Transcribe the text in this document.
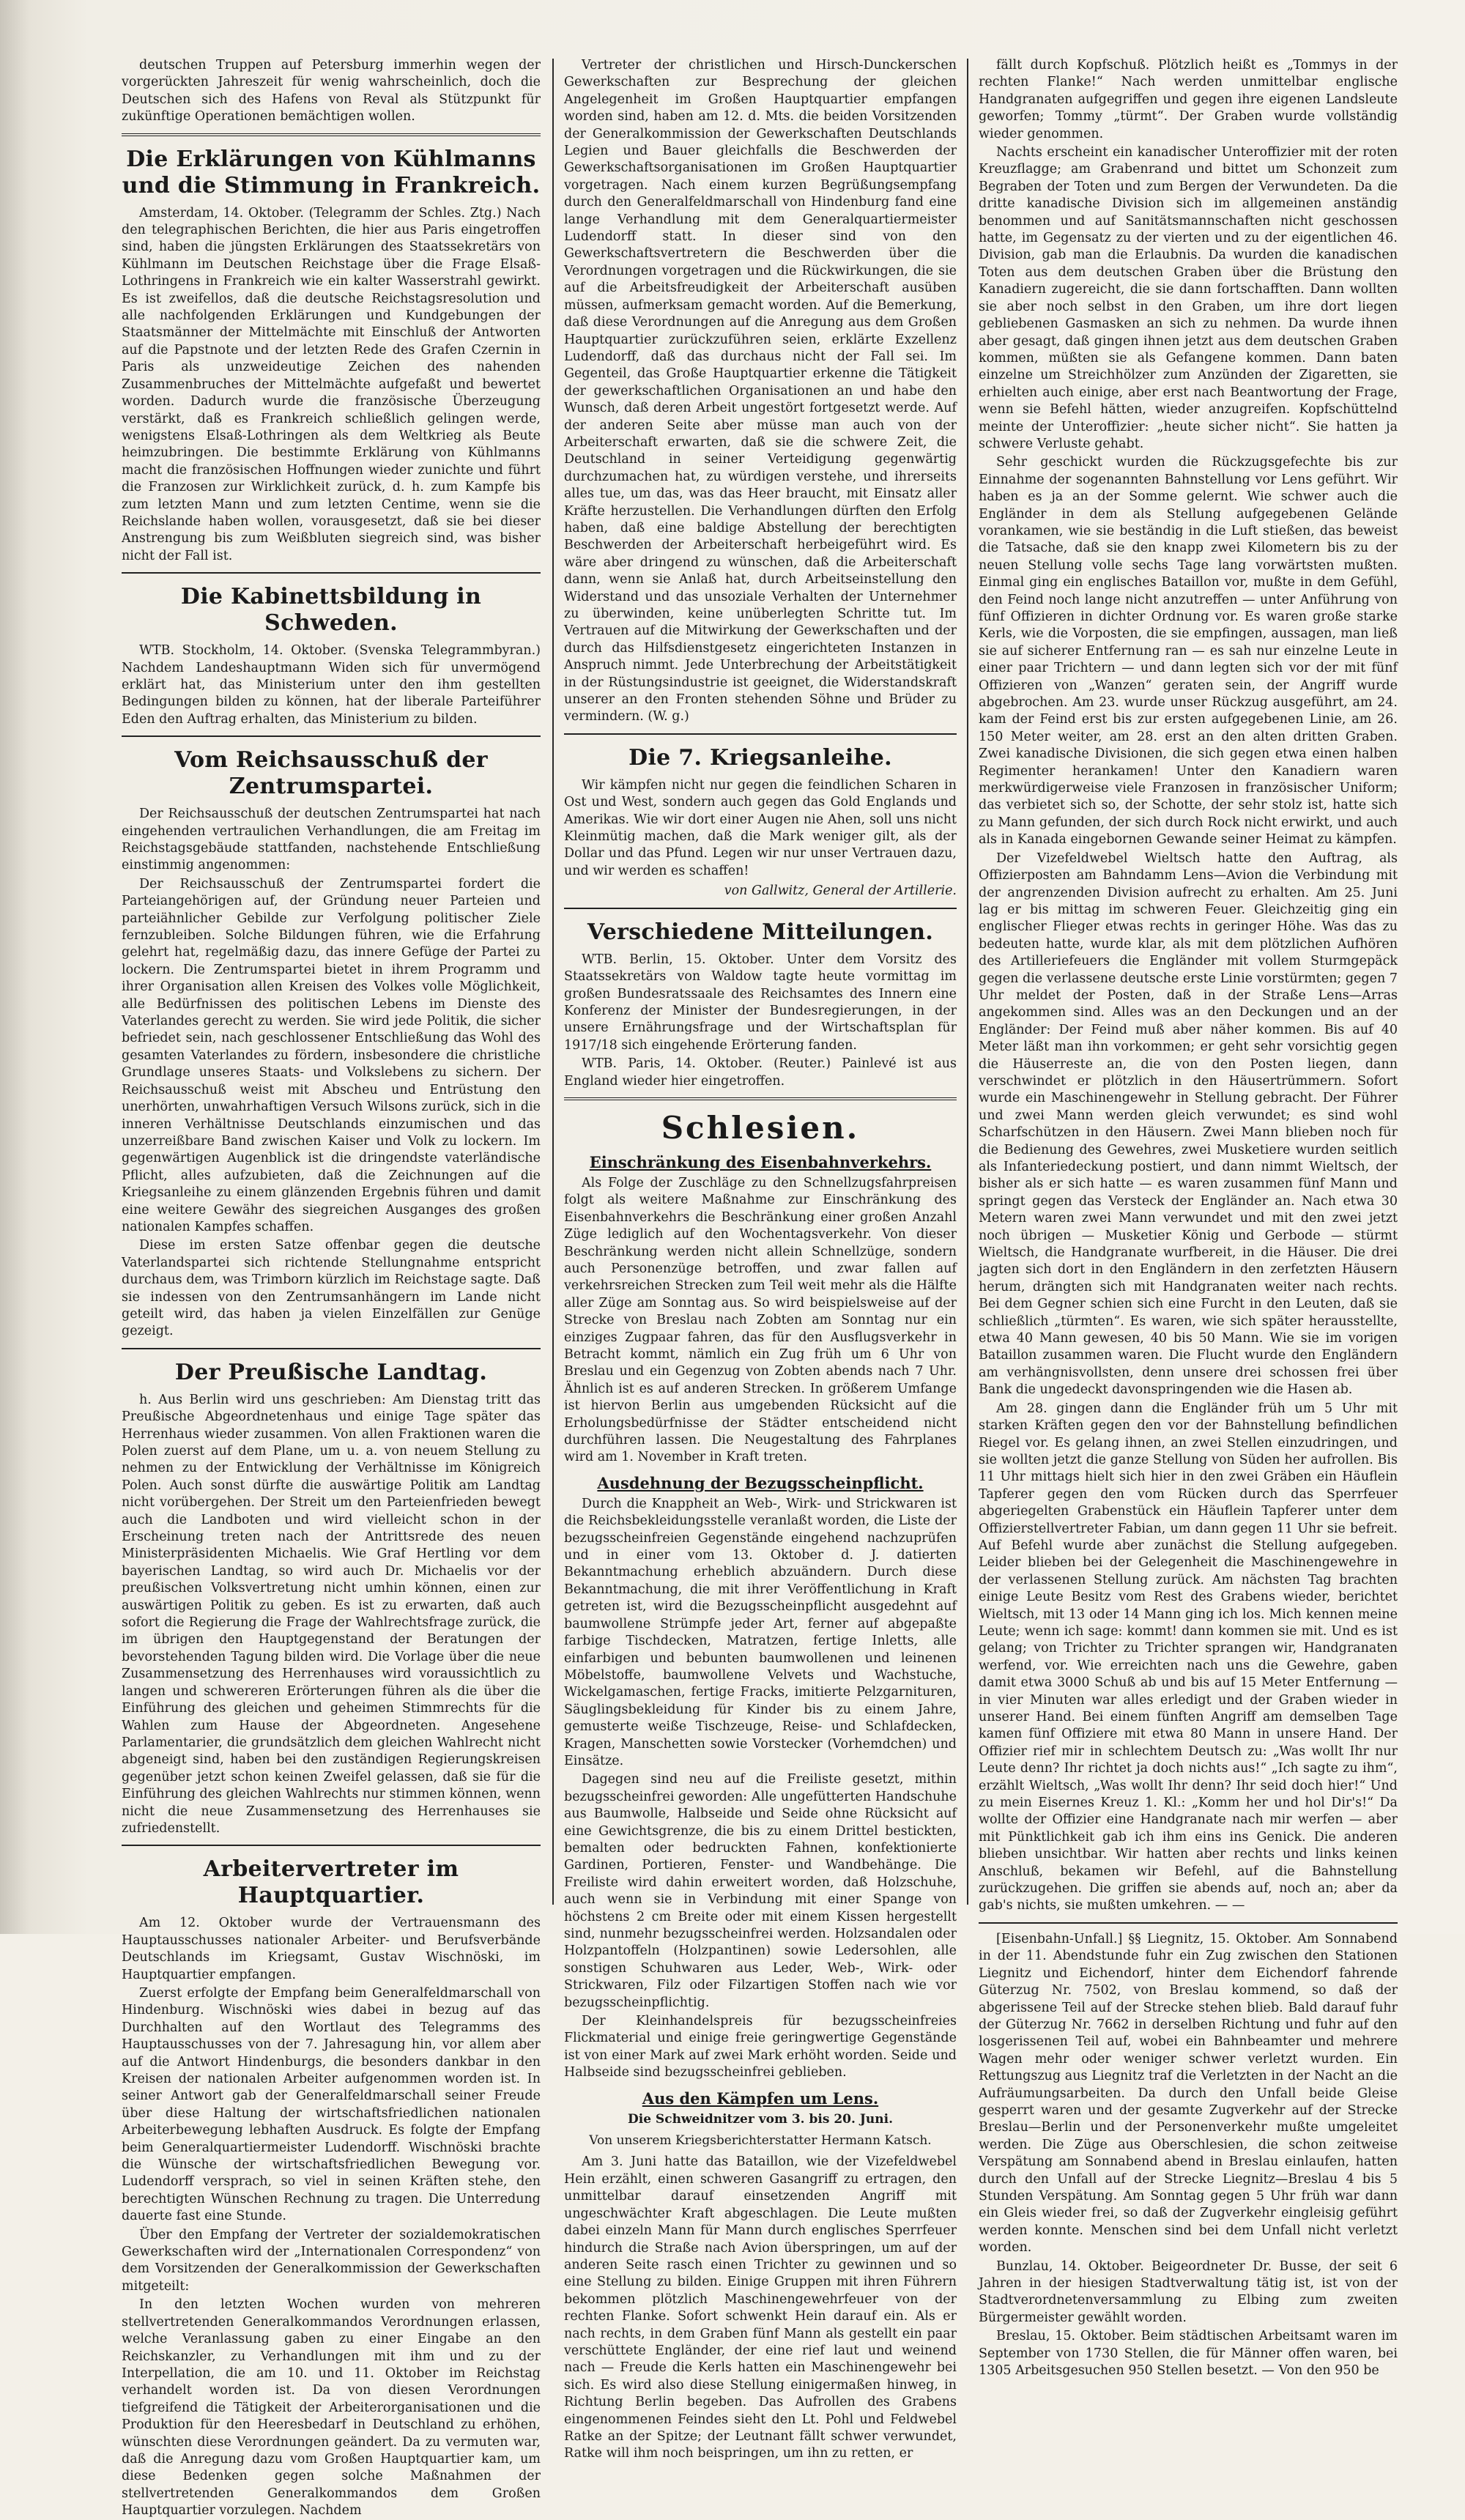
deutschen Truppen auf Petersburg immerhin wegen der vorgerückten Jahreszeit für wenig wahrscheinlich, doch die Deutschen sich des Hafens von Reval als Stützpunkt für zukünftige Operationen bemächtigen wollen.

Die Erklärungen von Kühlmanns und die Stimmung in Frankreich.

Amsterdam, 14. Oktober. (Telegramm der Schles. Ztg.) Nach den telegraphischen Berichten, die hier aus Paris eingetroffen sind, haben die jüngsten Erklärungen des Staatssekretärs von Kühlmann im Deutschen Reichstage über die Frage Elsaß-Lothringens in Frankreich wie ein kalter Wasserstrahl gewirkt. Es ist zweifellos, daß die deutsche Reichstagsresolution und alle nachfolgenden Erklärungen und Kundgebungen der Staatsmänner der Mittelmächte mit Einschluß der Antworten auf die Papstnote und der letzten Rede des Grafen Czernin in Paris als unzweideutige Zeichen des nahenden Zusammenbruches der Mittelmächte aufgefaßt und bewertet worden. Dadurch wurde die französische Überzeugung verstärkt, daß es Frankreich schließlich gelingen werde, wenigstens Elsaß-Lothringen als dem Weltkrieg als Beute heimzubringen. Die bestimmte Erklärung von Kühlmanns macht die französischen Hoffnungen wieder zunichte und führt die Franzosen zur Wirklichkeit zurück, d. h. zum Kampfe bis zum letzten Mann und zum letzten Centime, wenn sie die Reichslande haben wollen, vorausgesetzt, daß sie bei dieser Anstrengung bis zum Weißbluten siegreich sind, was bisher nicht der Fall ist.

Die Kabinettsbildung in Schweden.

WTB. Stockholm, 14. Oktober. (Svenska Telegrammbyran.) Nachdem Landeshauptmann Widen sich für unvermögend erklärt hat, das Ministerium unter den ihm gestellten Bedingungen bilden zu können, hat der liberale Parteiführer Eden den Auftrag erhalten, das Ministerium zu bilden.

Vom Reichsausschuß der Zentrumspartei.

Der Reichsausschuß der deutschen Zentrumspartei hat nach eingehenden vertraulichen Verhandlungen, die am Freitag im Reichstagsgebäude stattfanden, nachstehende Entschließung einstimmig angenommen:

Der Reichsausschuß der Zentrumspartei fordert die Parteiangehörigen auf, der Gründung neuer Parteien und parteiähnlicher Gebilde zur Verfolgung politischer Ziele fernzubleiben. Solche Bildungen führen, wie die Erfahrung gelehrt hat, regelmäßig dazu, das innere Gefüge der Partei zu lockern. Die Zentrumspartei bietet in ihrem Programm und ihrer Organisation allen Kreisen des Volkes volle Möglichkeit, alle Bedürfnissen des politischen Lebens im Dienste des Vaterlandes gerecht zu werden. Sie wird jede Politik, die sicher befriedet sein, nach geschlossener Entschließung das Wohl des gesamten Vaterlandes zu fördern, insbesondere die christliche Grundlage unseres Staats- und Volkslebens zu sichern. Der Reichsausschuß weist mit Abscheu und Entrüstung den unerhörten, unwahrhaftigen Versuch Wilsons zurück, sich in die inneren Verhältnisse Deutschlands einzumischen und das unzerreißbare Band zwischen Kaiser und Volk zu lockern. Im gegenwärtigen Augenblick ist die dringendste vaterländische Pflicht, alles aufzubieten, daß die Zeichnungen auf die Kriegsanleihe zu einem glänzenden Ergebnis führen und damit eine weitere Gewähr des siegreichen Ausganges des großen nationalen Kampfes schaffen.

Diese im ersten Satze offenbar gegen die deutsche Vaterlandspartei sich richtende Stellungnahme entspricht durchaus dem, was Trimborn kürzlich im Reichstage sagte. Daß sie indessen von den Zentrumsanhängern im Lande nicht geteilt wird, das haben ja vielen Einzelfällen zur Genüge gezeigt.

Der Preußische Landtag.

h. Aus Berlin wird uns geschrieben: Am Dienstag tritt das Preußische Abgeordnetenhaus und einige Tage später das Herrenhaus wieder zusammen. Von allen Fraktionen waren die Polen zuerst auf dem Plane, um u. a. von neuem Stellung zu nehmen zu der Entwicklung der Verhältnisse im Königreich Polen. Auch sonst dürfte die auswärtige Politik am Landtag nicht vorübergehen. Der Streit um den Parteienfrieden bewegt auch die Landboten und wird vielleicht schon in der Erscheinung treten nach der Antrittsrede des neuen Ministerpräsidenten Michaelis. Wie Graf Hertling vor dem bayerischen Landtag, so wird auch Dr. Michaelis vor der preußischen Volksvertretung nicht umhin können, einen zur auswärtigen Politik zu geben. Es ist zu erwarten, daß auch sofort die Regierung die Frage der Wahlrechtsfrage zurück, die im übrigen den Hauptgegenstand der Beratungen der bevorstehenden Tagung bilden wird. Die Vorlage über die neue Zusammensetzung des Herrenhauses wird voraussichtlich zu langen und schwereren Erörterungen führen als die über die Einführung des gleichen und geheimen Stimmrechts für die Wahlen zum Hause der Abgeordneten. Angesehene Parlamentarier, die grundsätzlich dem gleichen Wahlrecht nicht abgeneigt sind, haben bei den zuständigen Regierungskreisen gegenüber jetzt schon keinen Zweifel gelassen, daß sie für die Einführung des gleichen Wahlrechts nur stimmen können, wenn nicht die neue Zusammensetzung des Herrenhauses sie zufriedenstellt.

Arbeitervertreter im Hauptquartier.

Am 12. Oktober wurde der Vertrauensmann des Hauptausschusses nationaler Arbeiter- und Berufsverbände Deutschlands im Kriegsamt, Gustav Wischnöski, im Hauptquartier empfangen.

Zuerst erfolgte der Empfang beim Generalfeldmarschall von Hindenburg. Wischnöski wies dabei in bezug auf das Durchhalten auf den Wortlaut des Telegramms des Hauptausschusses von der 7. Jahresagung hin, vor allem aber auf die Antwort Hindenburgs, die besonders dankbar in den Kreisen der nationalen Arbeiter aufgenommen worden ist. In seiner Antwort gab der Generalfeldmarschall seiner Freude über diese Haltung der wirtschaftsfriedlichen nationalen Arbeiterbewegung lebhaften Ausdruck. Es folgte der Empfang beim Generalquartiermeister Ludendorff. Wischnöski brachte die Wünsche der wirtschaftsfriedlichen Bewegung vor. Ludendorff versprach, so viel in seinen Kräften stehe, den berechtigten Wünschen Rechnung zu tragen. Die Unterredung dauerte fast eine Stunde.

Über den Empfang der Vertreter der sozialdemokratischen Gewerkschaften wird der „Internationalen Correspondenz“ von dem Vorsitzenden der Generalkommission der Gewerkschaften mitgeteilt:

In den letzten Wochen wurden von mehreren stellvertretenden Generalkommandos Verordnungen erlassen, welche Veranlassung gaben zu einer Eingabe an den Reichskanzler, zu Verhandlungen mit ihm und zu der Interpellation, die am 10. und 11. Oktober im Reichstag verhandelt worden ist. Da von diesen Verordnungen tiefgreifend die Tätigkeit der Arbeiterorganisationen und die Produktion für den Heeresbedarf in Deutschland zu erhöhen, wünschten diese Verordnungen geändert. Da zu vermuten war, daß die Anregung dazu vom Großen Hauptquartier kam, um diese Bedenken gegen solche Maßnahmen der stellvertretenden Generalkommandos dem Großen Hauptquartier vorzulegen. Nachdem

Vertreter der christlichen und Hirsch-Dunckerschen Gewerkschaften zur Besprechung der gleichen Angelegenheit im Großen Hauptquartier empfangen worden sind, haben am 12. d. Mts. die beiden Vorsitzenden der Generalkommission der Gewerkschaften Deutschlands Legien und Bauer gleichfalls die Beschwerden der Gewerkschaftsorganisationen im Großen Hauptquartier vorgetragen. Nach einem kurzen Begrüßungsempfang durch den Generalfeldmarschall von Hindenburg fand eine lange Verhandlung mit dem Generalquartiermeister Ludendorff statt. In dieser sind von den Gewerkschaftsvertretern die Beschwerden über die Verordnungen vorgetragen und die Rückwirkungen, die sie auf die Arbeitsfreudigkeit der Arbeiterschaft ausüben müssen, aufmerksam gemacht worden. Auf die Bemerkung, daß diese Verordnungen auf die Anregung aus dem Großen Hauptquartier zurückzuführen seien, erklärte Exzellenz Ludendorff, daß das durchaus nicht der Fall sei. Im Gegenteil, das Große Hauptquartier erkenne die Tätigkeit der gewerkschaftlichen Organisationen an und habe den Wunsch, daß deren Arbeit ungestört fortgesetzt werde. Auf der anderen Seite aber müsse man auch von der Arbeiterschaft erwarten, daß sie die schwere Zeit, die Deutschland in seiner Verteidigung gegenwärtig durchzumachen hat, zu würdigen verstehe, und ihrerseits alles tue, um das, was das Heer braucht, mit Einsatz aller Kräfte herzustellen. Die Verhandlungen dürften den Erfolg haben, daß eine baldige Abstellung der berechtigten Beschwerden der Arbeiterschaft herbeigeführt wird. Es wäre aber dringend zu wünschen, daß die Arbeiterschaft dann, wenn sie Anlaß hat, durch Arbeitseinstellung den Widerstand und das unsoziale Verhalten der Unternehmer zu überwinden, keine unüberlegten Schritte tut. Im Vertrauen auf die Mitwirkung der Gewerkschaften und der durch das Hilfsdienstgesetz eingerichteten Instanzen in Anspruch nimmt. Jede Unterbrechung der Arbeitstätigkeit in der Rüstungsindustrie ist geeignet, die Widerstandskraft unserer an den Fronten stehenden Söhne und Brüder zu vermindern. (W. g.)

Die 7. Kriegsanleihe.

Wir kämpfen nicht nur gegen die feindlichen Scharen in Ost und West, sondern auch gegen das Gold Englands und Amerikas. Wie wir dort einer Augen nie Ahen, soll uns nicht Kleinmütig machen, daß die Mark weniger gilt, als der Dollar und das Pfund. Legen wir nur unser Vertrauen dazu, und wir werden es schaffen!

von Gallwitz, General der Artillerie.
Verschiedene Mitteilungen.

WTB. Berlin, 15. Oktober. Unter dem Vorsitz des Staatssekretärs von Waldow tagte heute vormittag im großen Bundesratssaale des Reichsamtes des Innern eine Konferenz der Minister der Bundesregierungen, in der unsere Ernährungsfrage und der Wirtschaftsplan für 1917/18 sich eingehende Erörterung fanden.

WTB. Paris, 14. Oktober. (Reuter.) Painlevé ist aus England wieder hier eingetroffen.

Schlesien.
Einschränkung des Eisenbahnverkehrs.

Als Folge der Zuschläge zu den Schnellzugsfahrpreisen folgt als weitere Maßnahme zur Einschränkung des Eisenbahnverkehrs die Beschränkung einer großen Anzahl Züge lediglich auf den Wochentagsverkehr. Von dieser Beschränkung werden nicht allein Schnellzüge, sondern auch Personenzüge betroffen, und zwar fallen auf verkehrsreichen Strecken zum Teil weit mehr als die Hälfte aller Züge am Sonntag aus. So wird beispielsweise auf der Strecke von Breslau nach Zobten am Sonntag nur ein einziges Zugpaar fahren, das für den Ausflugsverkehr in Betracht kommt, nämlich ein Zug früh um 6 Uhr von Breslau und ein Gegenzug von Zobten abends nach 7 Uhr. Ähnlich ist es auf anderen Strecken. In größerem Umfange ist hiervon Berlin aus umgebenden Rücksicht auf die Erholungsbedürfnisse der Städter entscheidend nicht durchführen lassen. Die Neugestaltung des Fahrplanes wird am 1. November in Kraft treten.

Ausdehnung der Bezugsscheinpflicht.

Durch die Knappheit an Web-, Wirk- und Strickwaren ist die Reichsbekleidungsstelle veranlaßt worden, die Liste der bezugsscheinfreien Gegenstände eingehend nachzuprüfen und in einer vom 13. Oktober d. J. datierten Bekanntmachung erheblich abzuändern. Durch diese Bekanntmachung, die mit ihrer Veröffentlichung in Kraft getreten ist, wird die Bezugsscheinpflicht ausgedehnt auf baumwollene Strümpfe jeder Art, ferner auf abgepaßte farbige Tischdecken, Matratzen, fertige Inletts, alle einfarbigen und bebunten baumwollenen und leinenen Möbelstoffe, baumwollene Velvets und Wachstuche, Wickelgamaschen, fertige Fracks, imitierte Pelzgarnituren, Säuglingsbekleidung für Kinder bis zu einem Jahre, gemusterte weiße Tischzeuge, Reise- und Schlafdecken, Kragen, Manschetten sowie Vorstecker (Vorhemdchen) und Einsätze.

Dagegen sind neu auf die Freiliste gesetzt, mithin bezugsscheinfrei geworden: Alle ungefütterten Handschuhe aus Baumwolle, Halbseide und Seide ohne Rücksicht auf eine Gewichtsgrenze, die bis zu einem Drittel bestickten, bemalten oder bedruckten Fahnen, konfektionierte Gardinen, Portieren, Fenster- und Wandbehänge. Die Freiliste wird dahin erweitert worden, daß Holzschuhe, auch wenn sie in Verbindung mit einer Spange von höchstens 2 cm Breite oder mit einem Kissen hergestellt sind, nunmehr bezugsscheinfrei werden. Holzsandalen oder Holzpantoffeln (Holzpantinen) sowie Ledersohlen, alle sonstigen Schuhwaren aus Leder, Web-, Wirk- oder Strickwaren, Filz oder Filzartigen Stoffen nach wie vor bezugsscheinpflichtig.

Der Kleinhandelspreis für bezugsscheinfreies Flickmaterial und einige freie geringwertige Gegenstände ist von einer Mark auf zwei Mark erhöht worden. Seide und Halbseide sind bezugsscheinfrei geblieben.

Aus den Kämpfen um Lens.
Die Schweidnitzer vom 3. bis 20. Juni.
Von unserem Kriegsberichterstatter Hermann Katsch.

Am 3. Juni hatte das Bataillon, wie der Vizefeldwebel Hein erzählt, einen schweren Gasangriff zu ertragen, den unmittelbar darauf einsetzenden Angriff mit ungeschwächter Kraft abgeschlagen. Die Leute mußten dabei einzeln Mann für Mann durch englisches Sperrfeuer hindurch die Straße nach Avion überspringen, um auf der anderen Seite rasch einen Trichter zu gewinnen und so eine Stellung zu bilden. Einige Gruppen mit ihren Führern bekommen plötzlich Maschinengewehrfeuer von der rechten Flanke. Sofort schwenkt Hein darauf ein. Als er nach rechts, in dem Graben fünf Mann als gestellt ein paar verschüttete Engländer, der eine rief laut und weinend nach — Freude die Kerls hatten ein Maschinengewehr bei sich. Es wird also diese Stellung einigermaßen hinweg, in Richtung Berlin begeben. Das Aufrollen des Grabens eingenommenen Feindes sieht den Lt. Pohl und Feldwebel Ratke an der Spitze; der Leutnant fällt schwer verwundet, Ratke will ihm noch beispringen, um ihn zu retten, er

fällt durch Kopfschuß. Plötzlich heißt es „Tommys in der rechten Flanke!“ Nach werden unmittelbar englische Handgranaten aufgegriffen und gegen ihre eigenen Landsleute geworfen; Tommy „türmt“. Der Graben wurde vollständig wieder genommen.

Nachts erscheint ein kanadischer Unteroffizier mit der roten Kreuzflagge; am Grabenrand und bittet um Schonzeit zum Begraben der Toten und zum Bergen der Verwundeten. Da die dritte kanadische Division sich im allgemeinen anständig benommen und auf Sanitätsmannschaften nicht geschossen hatte, im Gegensatz zu der vierten und zu der eigentlichen 46. Division, gab man die Erlaubnis. Da wurden die kanadischen Toten aus dem deutschen Graben über die Brüstung den Kanadiern zugereicht, die sie dann fortschafften. Dann wollten sie aber noch selbst in den Graben, um ihre dort liegen gebliebenen Gasmasken an sich zu nehmen. Da wurde ihnen aber gesagt, daß gingen ihnen jetzt aus dem deutschen Graben kommen, müßten sie als Gefangene kommen. Dann baten einzelne um Streichhölzer zum Anzünden der Zigaretten, sie erhielten auch einige, aber erst nach Beantwortung der Frage, wenn sie Befehl hätten, wieder anzugreifen. Kopfschüttelnd meinte der Unteroffizier: „heute sicher nicht“. Sie hatten ja schwere Verluste gehabt.

Sehr geschickt wurden die Rückzugsgefechte bis zur Einnahme der sogenannten Bahnstellung vor Lens geführt. Wir haben es ja an der Somme gelernt. Wie schwer auch die Engländer in dem als Stellung aufgegebenen Gelände vorankamen, wie sie beständig in die Luft stießen, das beweist die Tatsache, daß sie den knapp zwei Kilometern bis zu der neuen Stellung volle sechs Tage lang vorwärtsten mußten. Einmal ging ein englisches Bataillon vor, mußte in dem Gefühl, den Feind noch lange nicht anzutreffen — unter Anführung von fünf Offizieren in dichter Ordnung vor. Es waren große starke Kerls, wie die Vorposten, die sie empfingen, aussagen, man ließ sie auf sicherer Entfernung ran — es sah nur einzelne Leute in einer paar Trichtern — und dann legten sich vor der mit fünf Offizieren von „Wanzen“ geraten sein, der Angriff wurde abgebrochen. Am 23. wurde unser Rückzug ausgeführt, am 24. kam der Feind erst bis zur ersten aufgegebenen Linie, am 26. 150 Meter weiter, am 28. erst an den alten dritten Graben. Zwei kanadische Divisionen, die sich gegen etwa einen halben Regimenter herankamen! Unter den Kanadiern waren merkwürdigerweise viele Franzosen in französischer Uniform; das verbietet sich so, der Schotte, der sehr stolz ist, hatte sich zu Mann gefunden, der sich durch Rock nicht erwirkt, und auch als in Kanada eingebornen Gewande seiner Heimat zu kämpfen.

Der Vizefeldwebel Wieltsch hatte den Auftrag, als Offizierposten am Bahndamm Lens—Avion die Verbindung mit der angrenzenden Division aufrecht zu erhalten. Am 25. Juni lag er bis mittag im schweren Feuer. Gleichzeitig ging ein englischer Flieger etwas rechts in geringer Höhe. Was das zu bedeuten hatte, wurde klar, als mit dem plötzlichen Aufhören des Artilleriefeuers die Engländer mit vollem Sturmgepäck gegen die verlassene deutsche erste Linie vorstürmten; gegen 7 Uhr meldet der Posten, daß in der Straße Lens—Arras angekommen sind. Alles was an den Deckungen und an der Engländer: Der Feind muß aber näher kommen. Bis auf 40 Meter läßt man ihn vorkommen; er geht sehr vorsichtig gegen die Häuserreste an, die von den Posten liegen, dann verschwindet er plötzlich in den Häusertrümmern. Sofort wurde ein Maschinengewehr in Stellung gebracht. Der Führer und zwei Mann werden gleich verwundet; es sind wohl Scharfschützen in den Häusern. Zwei Mann blieben noch für die Bedienung des Gewehres, zwei Musketiere wurden seitlich als Infanteriedeckung postiert, und dann nimmt Wieltsch, der bisher als er sich hatte — es waren zusammen fünf Mann und springt gegen das Versteck der Engländer an. Nach etwa 30 Metern waren zwei Mann verwundet und mit den zwei jetzt noch übrigen — Musketier König und Gerbode — stürmt Wieltsch, die Handgranate wurfbereit, in die Häuser. Die drei jagten sich dort in den Engländern in den zerfetzten Häusern herum, drängten sich mit Handgranaten weiter nach rechts. Bei dem Gegner schien sich eine Furcht in den Leuten, daß sie schließlich „türmten“. Es waren, wie sich später herausstellte, etwa 40 Mann gewesen, 40 bis 50 Mann. Wie sie im vorigen Bataillon zusammen waren. Die Flucht wurde den Engländern am verhängnisvollsten, denn unsere drei schossen frei über Bank die ungedeckt davonspringenden wie die Hasen ab.

Am 28. gingen dann die Engländer früh um 5 Uhr mit starken Kräften gegen den vor der Bahnstellung befindlichen Riegel vor. Es gelang ihnen, an zwei Stellen einzudringen, und sie wollten jetzt die ganze Stellung von Süden her aufrollen. Bis 11 Uhr mittags hielt sich hier in den zwei Gräben ein Häuflein Tapferer gegen den vom Rücken durch das Sperrfeuer abgeriegelten Grabenstück ein Häuflein Tapferer unter dem Offizierstellvertreter Fabian, um dann gegen 11 Uhr sie befreit. Auf Befehl wurde aber zunächst die Stellung aufgegeben. Leider blieben bei der Gelegenheit die Maschinengewehre in der verlassenen Stellung zurück. Am nächsten Tag brachten einige Leute Besitz vom Rest des Grabens wieder, berichtet Wieltsch, mit 13 oder 14 Mann ging ich los. Mich kennen meine Leute; wenn ich sage: kommt! dann kommen sie mit. Und es ist gelang; von Trichter zu Trichter sprangen wir, Handgranaten werfend, vor. Wie erreichten nach uns die Gewehre, gaben damit etwa 3000 Schuß ab und bis auf 15 Meter Entfernung — in vier Minuten war alles erledigt und der Graben wieder in unserer Hand. Bei einem fünften Angriff am demselben Tage kamen fünf Offiziere mit etwa 80 Mann in unsere Hand. Der Offizier rief mir in schlechtem Deutsch zu: „Was wollt Ihr nur Leute denn? Ihr richtet ja doch nichts aus!“ „Ich sagte zu ihm“, erzählt Wieltsch, „Was wollt Ihr denn? Ihr seid doch hier!“ Und zu mein Eisernes Kreuz 1. Kl.: „Komm her und hol Dir's!“ Da wollte der Offizier eine Handgranate nach mir werfen — aber mit Pünktlichkeit gab ich ihm eins ins Genick. Die anderen blieben unsichtbar. Wir hatten aber rechts und links keinen Anschluß, bekamen wir Befehl, auf die Bahnstellung zurückzugehen. Die griffen sie abends auf, noch an; aber da gab's nichts, sie mußten umkehren. — —

[Eisenbahn-Unfall.] §§ Liegnitz, 15. Oktober. Am Sonnabend in der 11. Abendstunde fuhr ein Zug zwischen den Stationen Liegnitz und Eichendorf, hinter dem Eichendorf fahrende Güterzug Nr. 7502, von Breslau kommend, so daß der abgerissene Teil auf der Strecke stehen blieb. Bald darauf fuhr der Güterzug Nr. 7662 in derselben Richtung und fuhr auf den losgerissenen Teil auf, wobei ein Bahnbeamter und mehrere Wagen mehr oder weniger schwer verletzt wurden. Ein Rettungszug aus Liegnitz traf die Verletzten in der Nacht an die Aufräumungsarbeiten. Da durch den Unfall beide Gleise gesperrt waren und der gesamte Zugverkehr auf der Strecke Breslau—Berlin und der Personenverkehr mußte umgeleitet werden. Die Züge aus Oberschlesien, die schon zeitweise Verspätung am Sonnabend abend in Breslau einlaufen, hatten durch den Unfall auf der Strecke Liegnitz—Breslau 4 bis 5 Stunden Verspätung. Am Sonntag gegen 5 Uhr früh war dann ein Gleis wieder frei, so daß der Zugverkehr eingleisig geführt werden konnte. Menschen sind bei dem Unfall nicht verletzt worden.

Bunzlau, 14. Oktober. Beigeordneter Dr. Busse, der seit 6 Jahren in der hiesigen Stadtverwaltung tätig ist, ist von der Stadtverordnetenversammlung zu Elbing zum zweiten Bürgermeister gewählt worden.

Breslau, 15. Oktober. Beim städtischen Arbeitsamt waren im September von 1730 Stellen, die für Männer offen waren, bei 1305 Arbeitsgesuchen 950 Stellen besetzt. — Von den 950 be
